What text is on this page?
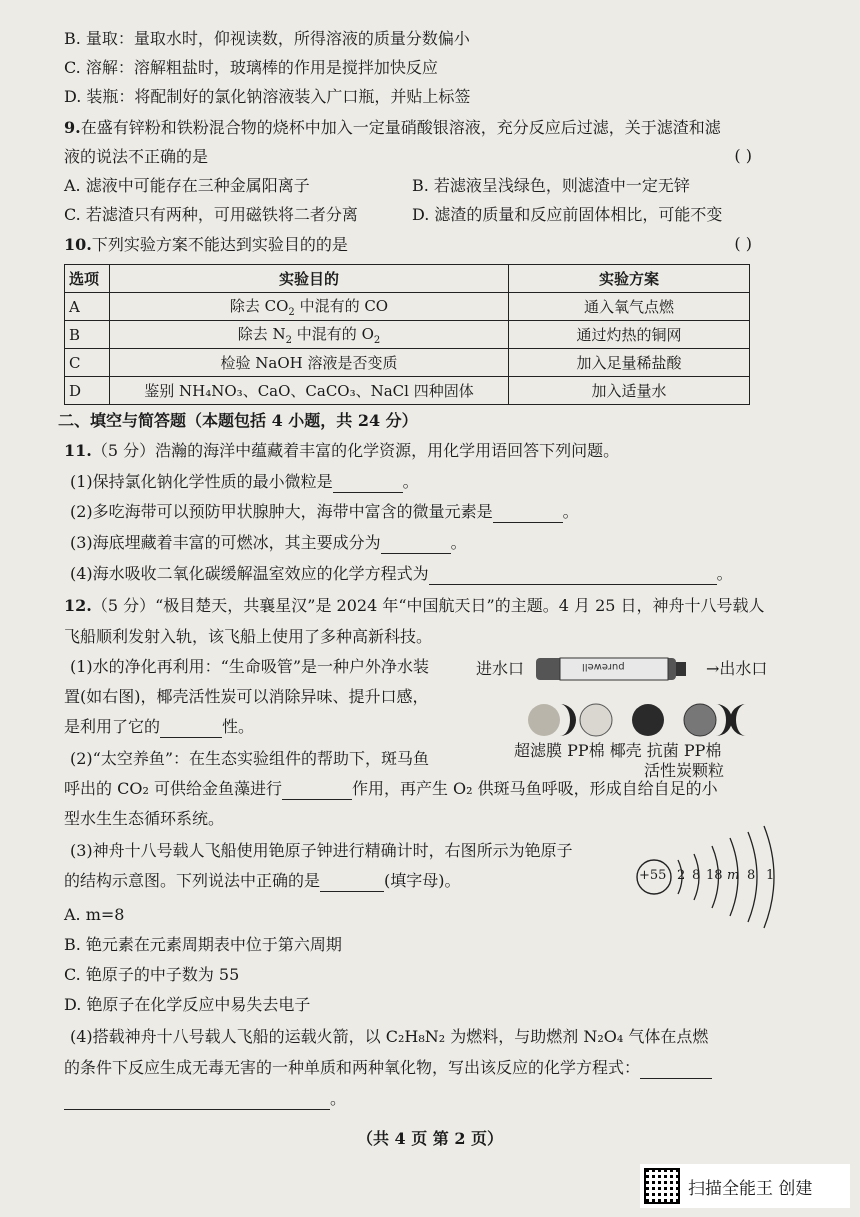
B. 量取：量取水时，仰视读数，所得溶液的质量分数偏小
C. 溶解：溶解粗盐时，玻璃棒的作用是搅拌加快反应
D. 装瓶：将配制好的氯化钠溶液装入广口瓶，并贴上标签
9.在盛有锌粉和铁粉混合物的烧杯中加入一定量硝酸银溶液，充分反应后过滤，关于滤渣和滤
液的说法不正确的是	( )
A. 滤液中可能存在三种金属阳离子	B. 若滤液呈浅绿色，则滤渣中一定无锌
C. 若滤渣只有两种，可用磁铁将二者分离	D. 滤渣的质量和反应前固体相比，可能不变
10.下列实验方案不能达到实验目的的是	( )
选项	实验目的	实验方案
A	除去 $CO_2$ 中混有的 CO	通入氧气点燃
B	除去 $N_2$ 中混有的 $O_2$	通过灼热的铜网
C	检验 NaOH 溶液是否变质	加入足量稀盐酸
D	鉴别 NH₄NO₃、CaO、CaCO₃、NaCl 四种固体	加入适量水
二、填空与简答题（本题包括 4 小题，共 24 分）
11.（5 分）浩瀚的海洋中蕴藏着丰富的化学资源，用化学用语回答下列问题。
(1)保持氯化钠化学性质的最小微粒是	。
(2)多吃海带可以预防甲状腺肿大，海带中富含的微量元素是	。
(3)海底埋藏着丰富的可燃冰，其主要成分为	。
(4)海水吸收二氧化碳缓解温室效应的化学方程式为	。
12.（5 分）“极目楚天，共襄星汉”是 2024 年“中国航天日”的主题。4 月 25 日，神舟十八号载人
飞船顺利发射入轨，该飞船上使用了多种高新科技。
(1)水的净化再利用：“生命吸管”是一种户外净水装
置(如右图)，椰壳活性炭可以消除异味、提升口感，
是利用了它的	性。
进水口	purewell	→出水口
超滤膜 PP棉 椰壳 抗菌 PP棉
活性炭颗粒
(2)“太空养鱼”：在生态实验组件的帮助下，斑马鱼
呼出的 CO₂ 可供给金鱼藻进行	作用，再产生 O₂ 供斑马鱼呼吸，形成自给自足的小
型水生生态循环系统。
(3)神舟十八号载人飞船使用铯原子钟进行精确计时，右图所示为铯原子
的结构示意图。下列说法中正确的是	(填字母)。	+55 2 8 18 m 8 1
A. m=8
B. 铯元素在元素周期表中位于第六周期
C. 铯原子的中子数为 55
D. 铯原子在化学反应中易失去电子
(4)搭载神舟十八号载人飞船的运载火箭，以 C₂H₈N₂ 为燃料，与助燃剂 N₂O₄ 气体在点燃
的条件下反应生成无毒无害的一种单质和两种氧化物，写出该反应的化学方程式：
。
（共 4 页 第 2 页）
扫描全能王 创建
